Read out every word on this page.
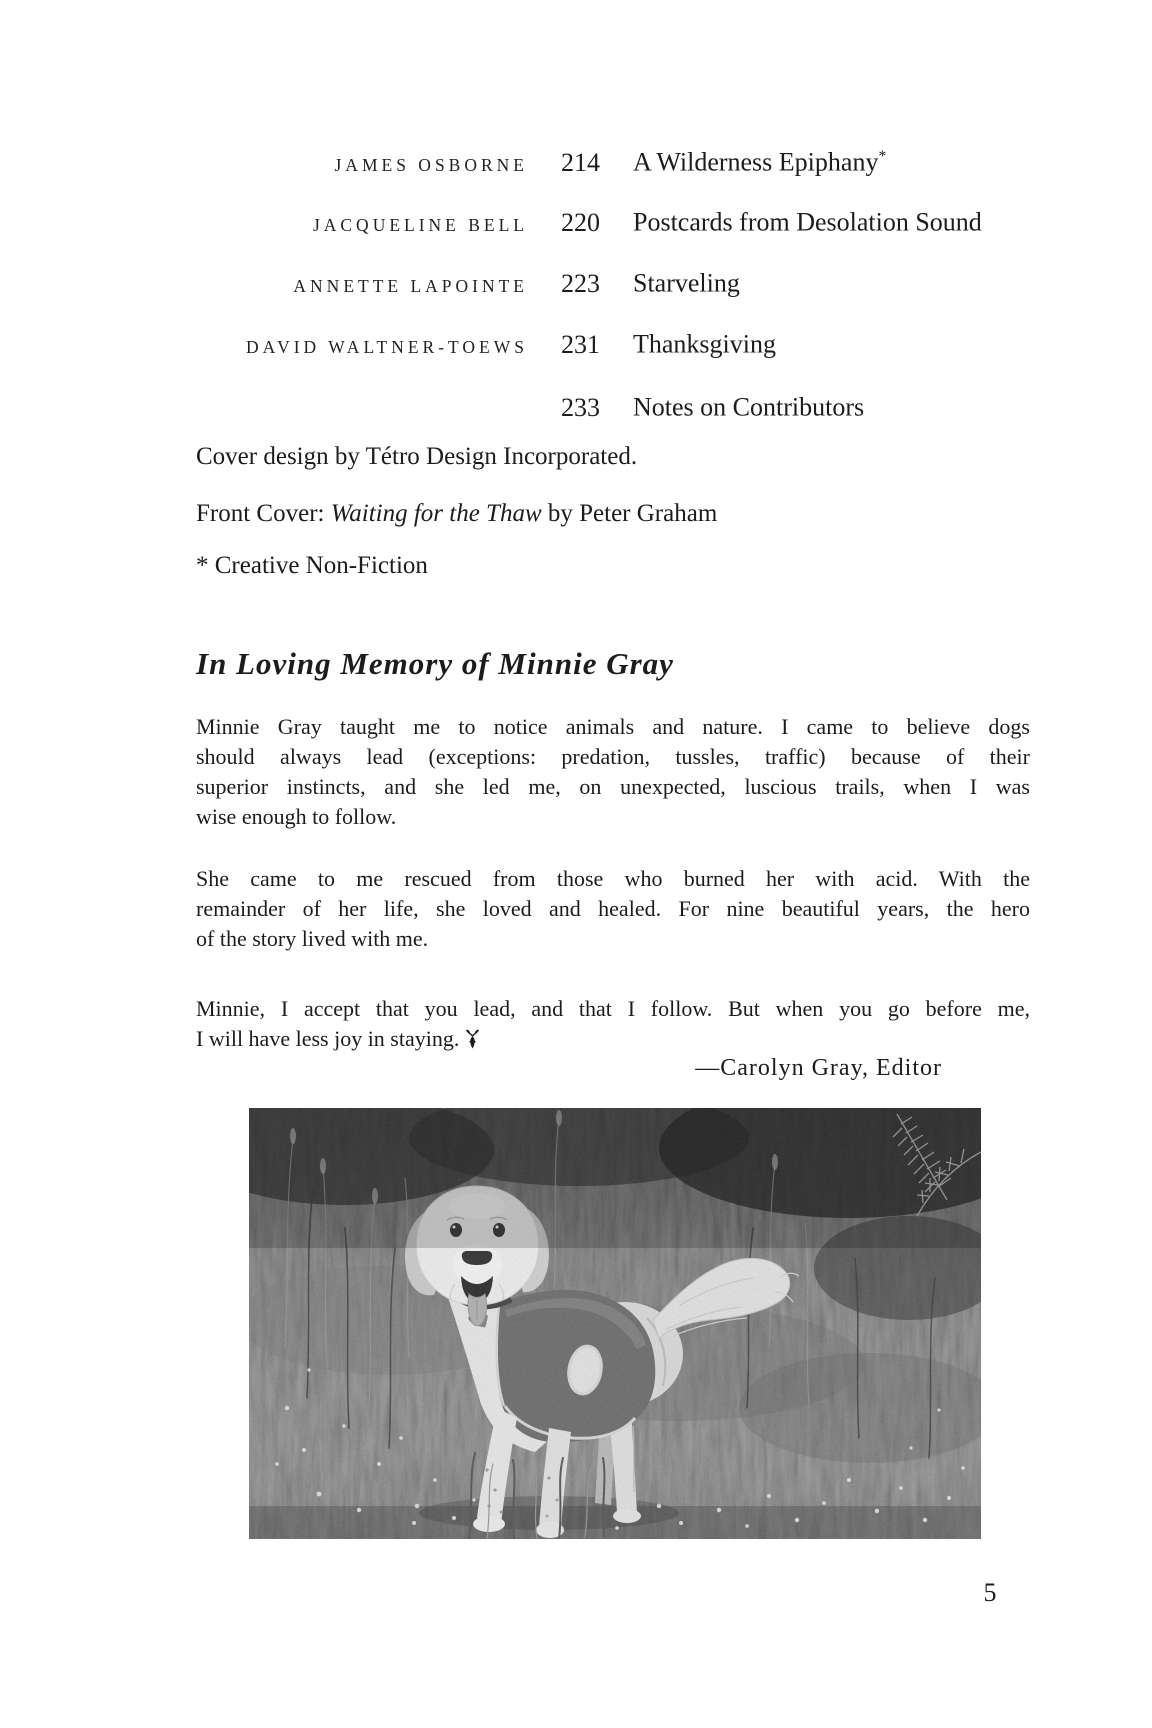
JAMES OSBORNE	214 A Wilderness Epiphany*
JACQUELINE BELL	220 Postcards from Desolation Sound
ANNETTE LAPOINTE	223 Starveling
DAVID WALTNER-TOEWS	231 Thanksgiving
233 Notes on Contributors
Cover design by Tétro Design Incorporated.
Front Cover: Waiting for the Thaw by Peter Graham
* Creative Non-Fiction
In Loving Memory of Minnie Gray
Minnie Gray taught me to notice animals and nature. I came to believe dogs
should always lead (exceptions: predation, tussles, traffic) because of their
superior instincts, and she led me, on unexpected, luscious trails, when I was
wise enough to follow.
She came to me rescued from those who burned her with acid. With the
remainder of her life, she loved and healed. For nine beautiful years, the hero
of the story lived with me.
Minnie, I accept that you lead, and that I follow. But when you go before me,
I will have less joy in staying.
—Carolyn Gray, Editor
5
